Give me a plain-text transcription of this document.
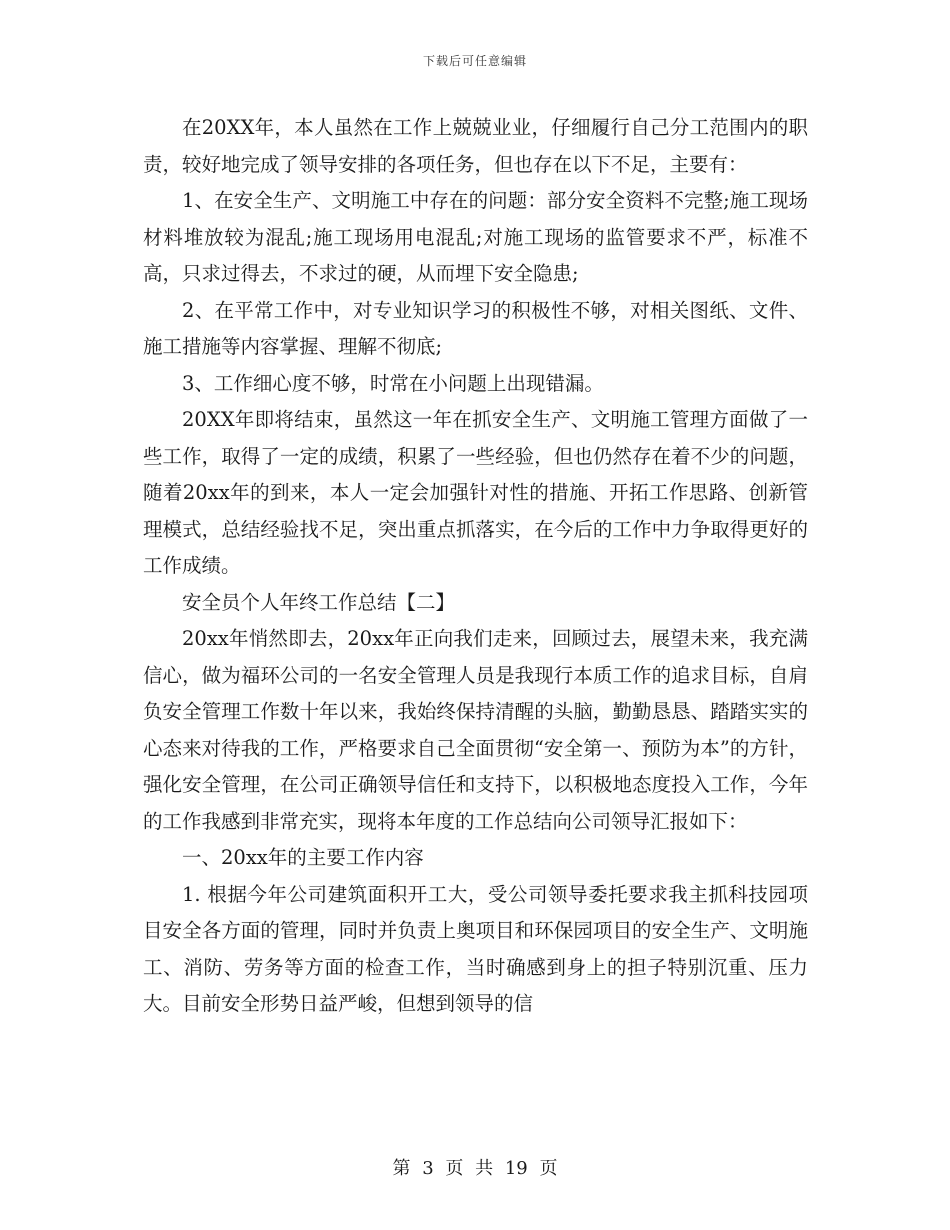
下载后可任意编辑

在20XX年，本人虽然在工作上兢兢业业，仔细履行自己分工范围内的职责，较好地完成了领导安排的各项任务，但也存在以下不足，主要有：

1、在安全生产、文明施工中存在的问题：部分安全资料不完整;施工现场材料堆放较为混乱;施工现场用电混乱;对施工现场的监管要求不严，标准不高，只求过得去，不求过的硬，从而埋下安全隐患;

2、在平常工作中，对专业知识学习的积极性不够，对相关图纸、文件、施工措施等内容掌握、理解不彻底;

3、工作细心度不够，时常在小问题上出现错漏。

20XX年即将结束，虽然这一年在抓安全生产、文明施工管理方面做了一些工作，取得了一定的成绩，积累了一些经验，但也仍然存在着不少的问题，随着20xx年的到来，本人一定会加强针对性的措施、开拓工作思路、创新管理模式，总结经验找不足，突出重点抓落实，在今后的工作中力争取得更好的工作成绩。

安全员个人年终工作总结【二】

20xx年悄然即去，20xx年正向我们走来，回顾过去，展望未来，我充满信心，做为福环公司的一名安全管理人员是我现行本质工作的追求目标，自肩负安全管理工作数十年以来，我始终保持清醒的头脑，勤勤恳恳、踏踏实实的心态来对待我的工作，严格要求自己全面贯彻“安全第一、预防为本”的方针，强化安全管理，在公司正确领导信任和支持下，以积极地态度投入工作，今年的工作我感到非常充实，现将本年度的工作总结向公司领导汇报如下：

一、20xx年的主要工作内容

1. 根据今年公司建筑面积开工大，受公司领导委托要求我主抓科技园项目安全各方面的管理，同时并负责上奥项目和环保园项目的安全生产、文明施工、消防、劳务等方面的检查工作，当时确感到身上的担子特别沉重、压力大。目前安全形势日益严峻，但想到领导的信

第 3 页 共 19 页
